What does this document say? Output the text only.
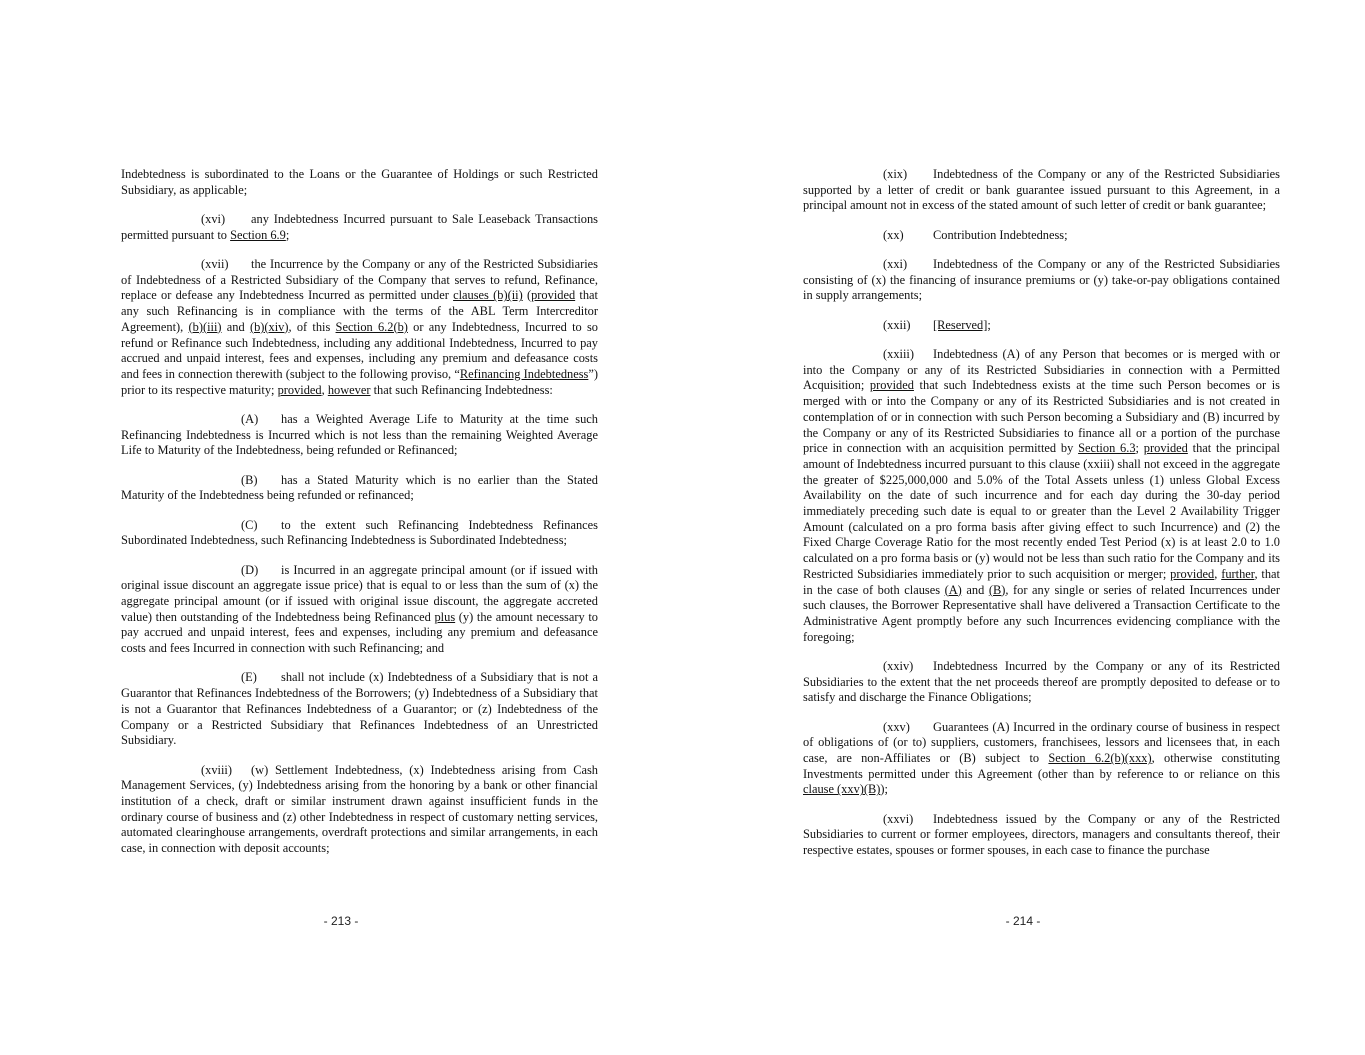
Indebtedness is subordinated to the Loans or the Guarantee of Holdings or such Restricted Subsidiary, as applicable;

(xvi) any Indebtedness Incurred pursuant to Sale Leaseback Transactions permitted pursuant to Section 6.9;

(xvii) the Incurrence by the Company or any of the Restricted Subsidiaries of Indebtedness of a Restricted Subsidiary of the Company that serves to refund, Refinance, replace or defease any Indebtedness Incurred as permitted under clauses (b)(ii) (provided that any such Refinancing is in compliance with the terms of the ABL Term Intercreditor Agreement), (b)(iii) and (b)(xiv), of this Section 6.2(b) or any Indebtedness, Incurred to so refund or Refinance such Indebtedness, including any additional Indebtedness, Incurred to pay accrued and unpaid interest, fees and expenses, including any premium and defeasance costs and fees in connection therewith (subject to the following proviso, “Refinancing Indebtedness”) prior to its respective maturity; provided, however that such Refinancing Indebtedness:

(A) has a Weighted Average Life to Maturity at the time such Refinancing Indebtedness is Incurred which is not less than the remaining Weighted Average Life to Maturity of the Indebtedness, being refunded or Refinanced;

(B) has a Stated Maturity which is no earlier than the Stated Maturity of the Indebtedness being refunded or refinanced;

(C) to the extent such Refinancing Indebtedness Refinances Subordinated Indebtedness, such Refinancing Indebtedness is Subordinated Indebtedness;

(D) is Incurred in an aggregate principal amount (or if issued with original issue discount an aggregate issue price) that is equal to or less than the sum of (x) the aggregate principal amount (or if issued with original issue discount, the aggregate accreted value) then outstanding of the Indebtedness being Refinanced plus (y) the amount necessary to pay accrued and unpaid interest, fees and expenses, including any premium and defeasance costs and fees Incurred in connection with such Refinancing; and

(E) shall not include (x) Indebtedness of a Subsidiary that is not a Guarantor that Refinances Indebtedness of the Borrowers; (y) Indebtedness of a Subsidiary that is not a Guarantor that Refinances Indebtedness of a Guarantor; or (z) Indebtedness of the Company or a Restricted Subsidiary that Refinances Indebtedness of an Unrestricted Subsidiary.

(xviii) (w) Settlement Indebtedness, (x) Indebtedness arising from Cash Management Services, (y) Indebtedness arising from the honoring by a bank or other financial institution of a check, draft or similar instrument drawn against insufficient funds in the ordinary course of business and (z) other Indebtedness in respect of customary netting services, automated clearinghouse arrangements, overdraft protections and similar arrangements, in each case, in connection with deposit accounts;

- 213 -

(xix) Indebtedness of the Company or any of the Restricted Subsidiaries supported by a letter of credit or bank guarantee issued pursuant to this Agreement, in a principal amount not in excess of the stated amount of such letter of credit or bank guarantee;

(xx) Contribution Indebtedness;

(xxi) Indebtedness of the Company or any of the Restricted Subsidiaries consisting of (x) the financing of insurance premiums or (y) take-or-pay obligations contained in supply arrangements;

(xxii) [Reserved];

(xxiii) Indebtedness (A) of any Person that becomes or is merged with or into the Company or any of its Restricted Subsidiaries in connection with a Permitted Acquisition; provided that such Indebtedness exists at the time such Person becomes or is merged with or into the Company or any of its Restricted Subsidiaries and is not created in contemplation of or in connection with such Person becoming a Subsidiary and (B) incurred by the Company or any of its Restricted Subsidiaries to finance all or a portion of the purchase price in connection with an acquisition permitted by Section 6.3; provided that the principal amount of Indebtedness incurred pursuant to this clause (xxiii) shall not exceed in the aggregate the greater of $225,000,000 and 5.0% of the Total Assets unless (1) unless Global Excess Availability on the date of such incurrence and for each day during the 30-day period immediately preceding such date is equal to or greater than the Level 2 Availability Trigger Amount (calculated on a pro forma basis after giving effect to such Incurrence) and (2) the Fixed Charge Coverage Ratio for the most recently ended Test Period (x) is at least 2.0 to 1.0 calculated on a pro forma basis or (y) would not be less than such ratio for the Company and its Restricted Subsidiaries immediately prior to such acquisition or merger; provided, further, that in the case of both clauses (A) and (B), for any single or series of related Incurrences under such clauses, the Borrower Representative shall have delivered a Transaction Certificate to the Administrative Agent promptly before any such Incurrences evidencing compliance with the foregoing;

(xxiv) Indebtedness Incurred by the Company or any of its Restricted Subsidiaries to the extent that the net proceeds thereof are promptly deposited to defease or to satisfy and discharge the Finance Obligations;

(xxv) Guarantees (A) Incurred in the ordinary course of business in respect of obligations of (or to) suppliers, customers, franchisees, lessors and licensees that, in each case, are non-Affiliates or (B) subject to Section 6.2(b)(xxx), otherwise constituting Investments permitted under this Agreement (other than by reference to or reliance on this clause (xxv)(B));

(xxvi) Indebtedness issued by the Company or any of the Restricted Subsidiaries to current or former employees, directors, managers and consultants thereof, their respective estates, spouses or former spouses, in each case to finance the purchase

- 214 -
